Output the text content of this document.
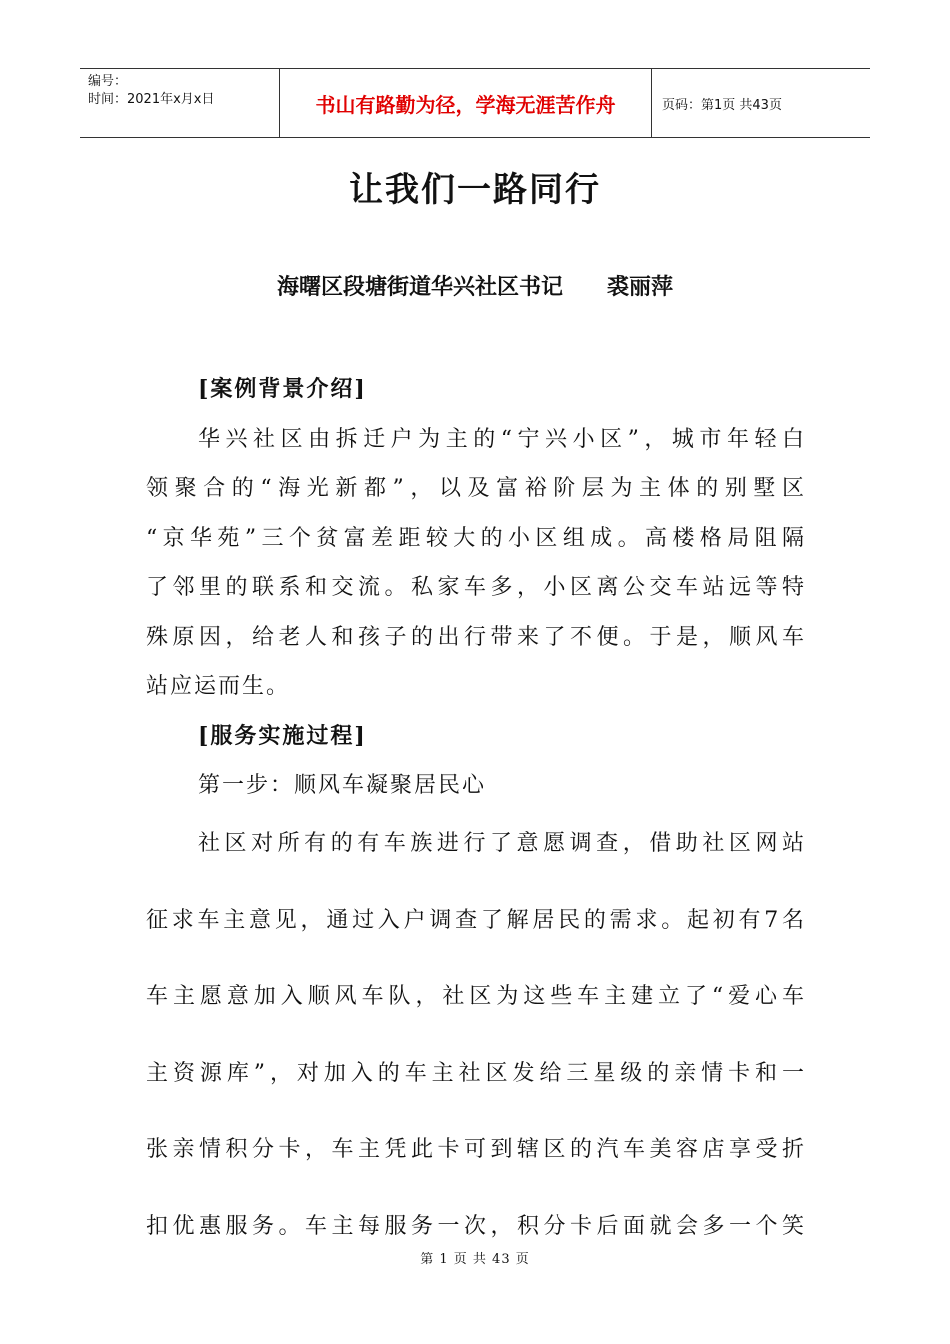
编号：
时间：2021年x月x日	书山有路勤为径，学海无涯苦作舟	页码：第1页 共43页
让我们一路同行
海曙区段塘街道华兴社区书记 裘丽萍

[案例背景介绍]

华兴社区由拆迁户为主的“宁兴小区”，城市年轻白

领聚合的“海光新都”，以及富裕阶层为主体的别墅区

“京华苑”三个贫富差距较大的小区组成。高楼格局阻隔

了邻里的联系和交流。私家车多，小区离公交车站远等特

殊原因，给老人和孩子的出行带来了不便。于是，顺风车

站应运而生。

[服务实施过程]

第一步：顺风车凝聚居民心

社区对所有的有车族进行了意愿调查，借助社区网站

征求车主意见，通过入户调查了解居民的需求。起初有7名

车主愿意加入顺风车队，社区为这些车主建立了“爱心车

主资源库”，对加入的车主社区发给三星级的亲情卡和一

张亲情积分卡，车主凭此卡可到辖区的汽车美容店享受折

扣优惠服务。车主每服务一次，积分卡后面就会多一个笑

第 1 页 共 43 页
